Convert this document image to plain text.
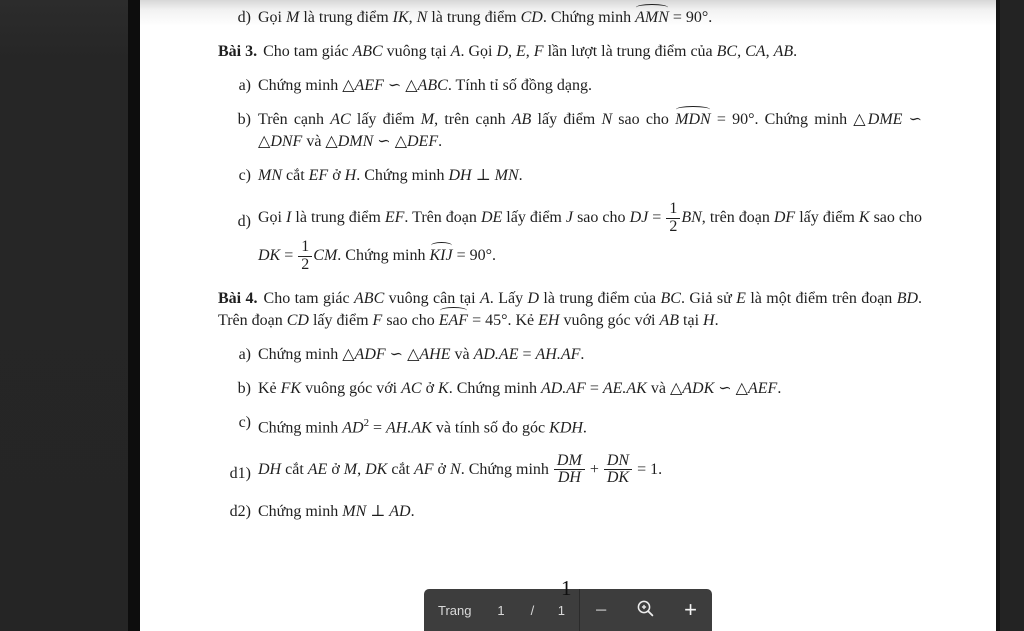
d) Gọi M là trung điểm IK, N là trung điểm CD. Chứng minh AMN = 90°.
Bài 3. Cho tam giác ABC vuông tại A. Gọi D, E, F lần lượt là trung điểm của BC, CA, AB.
a) Chứng minh △AEF ∽ △ABC. Tính tỉ số đồng dạng.
b) Trên cạnh AC lấy điểm M, trên cạnh AB lấy điểm N sao cho MDN = 90°. Chứng minh △DME ∽ △DNF và △DMN ∽ △DEF.
c) MN cắt EF ở H. Chứng minh DH ⊥ MN.
d) Gọi I là trung điểm EF. Trên đoạn DE lấy điểm J sao cho DJ = $\frac{1}{2}$ BN, trên đoạn DF lấy điểm K sao cho DK = $\frac{1}{2}$ CM. Chứng minh KIJ = 90°.
Bài 4. Cho tam giác ABC vuông cân tại A. Lấy D là trung điểm của BC. Giả sử E là một điểm trên đoạn BD. Trên đoạn CD lấy điểm F sao cho EAF = 45°. Kẻ EH vuông góc với AB tại H.
a) Chứng minh △ADF ∽ △AHE và AD.AE = AH.AF.
b) Kẻ FK vuông góc với AC ở K. Chứng minh AD.AF = AE.AK và △ADK ∽ △AEF.
c) Chứng minh $AD^2 = AH.AK$ và tính số đo góc KDH.
d1) DH cắt AE ở M, DK cắt AF ở N. Chứng minh $\frac{DM}{DH} + \frac{DN}{DK} = 1$.
d2) Chứng minh MN ⊥ AD.
1
Trang 1 / 1 −	+
